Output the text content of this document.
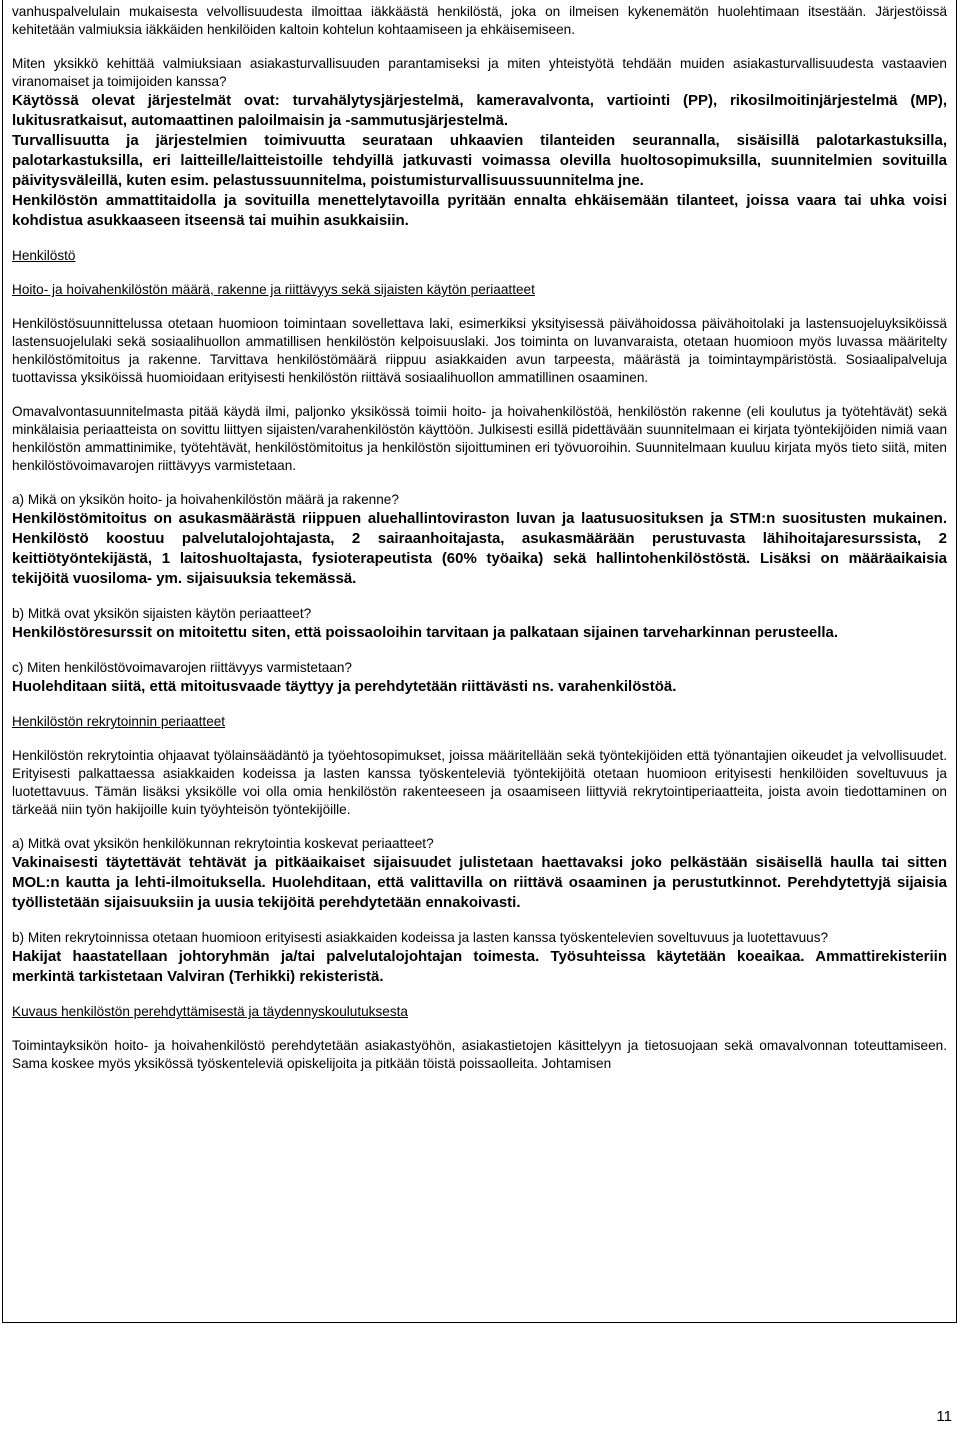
vanhuspalvelulain mukaisesta velvollisuudesta ilmoittaa iäkkäästä henkilöstä, joka on ilmeisen kykenemätön huolehtimaan itsestään. Järjestöissä kehitetään valmiuksia iäkkäiden henkilöiden kaltoin kohtelun kohtaamiseen ja ehkäisemiseen.

Miten yksikkö kehittää valmiuksiaan asiakasturvallisuuden parantamiseksi ja miten yhteistyötä tehdään muiden asiakasturvallisuudesta vastaavien viranomaiset ja toimijoiden kanssa?

Käytössä olevat järjestelmät ovat: turvahälytysjärjestelmä, kameravalvonta, vartiointi (PP), rikosilmoitinjärjestelmä (MP), lukitusratkaisut, automaattinen paloilmaisin ja -sammutusjärjestelmä.

Turvallisuutta ja järjestelmien toimivuutta seurataan uhkaavien tilanteiden seurannalla, sisäisillä palotarkastuksilla, palotarkastuksilla, eri laitteille/laitteistoille tehdyillä jatkuvasti voimassa olevilla huoltosopimuksilla, suunnitelmien sovituilla päivitysväleillä, kuten esim. pelastussuunnitelma, poistumisturvallisuussuunnitelma jne.

Henkilöstön ammattitaidolla ja sovituilla menettelytavoilla pyritään ennalta ehkäisemään tilanteet, joissa vaara tai uhka voisi kohdistua asukkaaseen itseensä tai muihin asukkaisiin.

Henkilöstö

Hoito- ja hoivahenkilöstön määrä, rakenne ja riittävyys sekä sijaisten käytön periaatteet

Henkilöstösuunnittelussa otetaan huomioon toimintaan sovellettava laki, esimerkiksi yksityisessä päivähoidossa päivähoitolaki ja lastensuojeluyksiköissä lastensuojelulaki sekä sosiaalihuollon ammatillisen henkilöstön kelpoisuuslaki. Jos toiminta on luvanvaraista, otetaan huomioon myös luvassa määritelty henkilöstömitoitus ja rakenne. Tarvittava henkilöstömäärä riippuu asiakkaiden avun tarpeesta, määrästä ja toimintaympäristöstä. Sosiaalipalveluja tuottavissa yksiköissä huomioidaan erityisesti henkilöstön riittävä sosiaalihuollon ammatillinen osaaminen.

Omavalvontasuunnitelmasta pitää käydä ilmi, paljonko yksikössä toimii hoito- ja hoivahenkilöstöä, henkilöstön rakenne (eli koulutus ja työtehtävät) sekä minkälaisia periaatteista on sovittu liittyen sijaisten/varahenkilöstön käyttöön. Julkisesti esillä pidettävään suunnitelmaan ei kirjata työntekijöiden nimiä vaan henkilöstön ammattinimike, työtehtävät, henkilöstömitoitus ja henkilöstön sijoittuminen eri työvuoroihin. Suunnitelmaan kuuluu kirjata myös tieto siitä, miten henkilöstövoimavarojen riittävyys varmistetaan.

a) Mikä on yksikön hoito- ja hoivahenkilöstön määrä ja rakenne?

Henkilöstömitoitus on asukasmäärästä riippuen aluehallintoviraston luvan ja laatusuosituksen ja STM:n suositusten mukainen. Henkilöstö koostuu palvelutalojohtajasta, 2 sairaanhoitajasta, asukasmäärään perustuvasta lähihoitajaresurssista, 2 keittiötyöntekijästä, 1 laitoshuoltajasta, fysioterapeutista (60% työaika) sekä hallintohenkilöstöstä. Lisäksi on määräaikaisia tekijöitä vuosiloma- ym. sijaisuuksia tekemässä.

b) Mitkä ovat yksikön sijaisten käytön periaatteet?

Henkilöstöresurssit on mitoitettu siten, että poissaoloihin tarvitaan ja palkataan sijainen tarveharkinnan perusteella.

c) Miten henkilöstövoimavarojen riittävyys varmistetaan?

Huolehditaan siitä, että mitoitusvaade täyttyy ja perehdytetään riittävästi ns. varahenkilöstöä.

Henkilöstön rekrytoinnin periaatteet

Henkilöstön rekrytointia ohjaavat työlainsäädäntö ja työehtosopimukset, joissa määritellään sekä työntekijöiden että työnantajien oikeudet ja velvollisuudet. Erityisesti palkattaessa asiakkaiden kodeissa ja lasten kanssa työskenteleviä työntekijöitä otetaan huomioon erityisesti henkilöiden soveltuvuus ja luotettavuus. Tämän lisäksi yksikölle voi olla omia henkilöstön rakenteeseen ja osaamiseen liittyviä rekrytointiperiaatteita, joista avoin tiedottaminen on tärkeää niin työn hakijoille kuin työyhteisön työntekijöille.

a) Mitkä ovat yksikön henkilökunnan rekrytointia koskevat periaatteet?

Vakinaisesti täytettävät tehtävät ja pitkäaikaiset sijaisuudet julistetaan haettavaksi joko pelkästään sisäisellä haulla tai sitten MOL:n kautta ja lehti-ilmoituksella. Huolehditaan, että valittavilla on riittävä osaaminen ja perustutkinnot. Perehdytettyjä sijaisia työllistetään sijaisuuksiin ja uusia tekijöitä perehdytetään ennakoivasti.

b) Miten rekrytoinnissa otetaan huomioon erityisesti asiakkaiden kodeissa ja lasten kanssa työskentelevien soveltuvuus ja luotettavuus?

Hakijat haastatellaan johtoryhmän ja/tai palvelutalojohtajan toimesta. Työsuhteissa käytetään koeaikaa. Ammattirekisteriin merkintä tarkistetaan Valviran (Terhikki) rekisteristä.

Kuvaus henkilöstön perehdyttämisestä ja täydennyskoulutuksesta

Toimintayksikön hoito- ja hoivahenkilöstö perehdytetään asiakastyöhön, asiakastietojen käsittelyyn ja tietosuojaan sekä omavalvonnan toteuttamiseen. Sama koskee myös yksikössä työskenteleviä opiskelijoita ja pitkään töistä poissaolleita. Johtamisen

11
